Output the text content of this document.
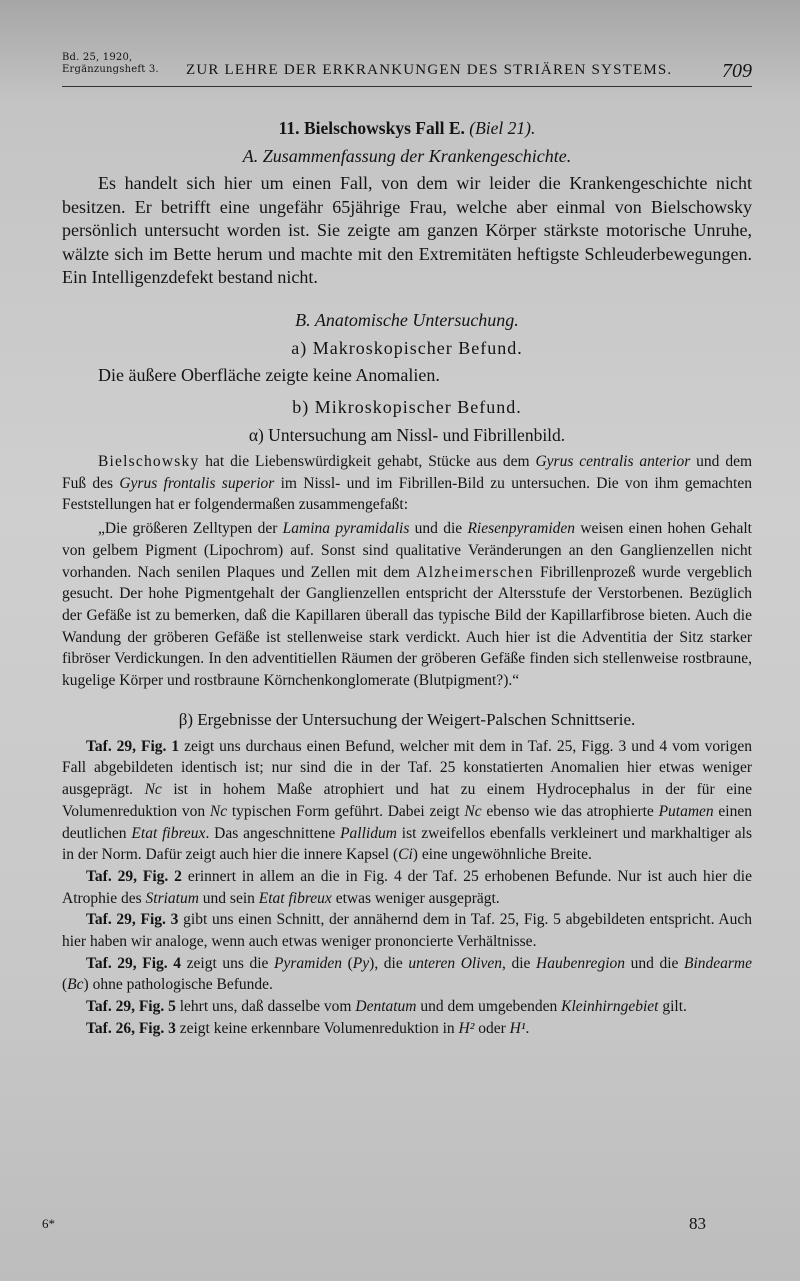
Bd. 25, 1920,
Ergänzungsheft 3. ZUR LEHRE DER ERKRANKUNGEN DES STRIÄREN SYSTEMS. 709
11. Bielschowskys Fall E. (Biel 21).
A. Zusammenfassung der Krankengeschichte.

Es handelt sich hier um einen Fall, von dem wir leider die Krankengeschichte nicht besitzen. Er betrifft eine ungefähr 65jährige Frau, welche aber einmal von Bielschowsky persönlich untersucht worden ist. Sie zeigte am ganzen Körper stärkste motorische Unruhe, wälzte sich im Bette herum und machte mit den Extremitäten heftigste Schleuderbewegungen. Ein Intelligenzdefekt bestand nicht.

B. Anatomische Untersuchung.
a) Makroskopischer Befund.

Die äußere Oberfläche zeigte keine Anomalien.

b) Mikroskopischer Befund.
α) Untersuchung am Nissl- und Fibrillenbild.

Bielschowsky hat die Liebenswürdigkeit gehabt, Stücke aus dem Gyrus centralis anterior und dem Fuß des Gyrus frontalis superior im Nissl- und im Fibrillen-Bild zu untersuchen. Die von ihm gemachten Feststellungen hat er folgendermaßen zusammengefaßt:

„Die größeren Zelltypen der Lamina pyramidalis und die Riesenpyramiden weisen einen hohen Gehalt von gelbem Pigment (Lipochrom) auf. Sonst sind qualitative Veränderungen an den Ganglienzellen nicht vorhanden. Nach senilen Plaques und Zellen mit dem Alzheimerschen Fibrillenprozeß wurde vergeblich gesucht. Der hohe Pigmentgehalt der Ganglienzellen entspricht der Altersstufe der Verstorbenen. Bezüglich der Gefäße ist zu bemerken, daß die Kapillaren überall das typische Bild der Kapillarfibrose bieten. Auch die Wandung der gröberen Gefäße ist stellenweise stark verdickt. Auch hier ist die Adventitia der Sitz starker fibröser Verdickungen. In den adventitiellen Räumen der gröberen Gefäße finden sich stellenweise rostbraune, kugelige Körper und rostbraune Körnchenkonglomerate (Blutpigment?).“

β) Ergebnisse der Untersuchung der Weigert-Palschen Schnittserie.

Taf. 29, Fig. 1 zeigt uns durchaus einen Befund, welcher mit dem in Taf. 25, Figg. 3 und 4 vom vorigen Fall abgebildeten identisch ist; nur sind die in der Taf. 25 konstatierten Anomalien hier etwas weniger ausgeprägt. Nc ist in hohem Maße atrophiert und hat zu einem Hydrocephalus in der für eine Volumenreduktion von Nc typischen Form geführt. Dabei zeigt Nc ebenso wie das atrophierte Putamen einen deutlichen Etat fibreux. Das angeschnittene Pallidum ist zweifellos ebenfalls verkleinert und markhaltiger als in der Norm. Dafür zeigt auch hier die innere Kapsel (Ci) eine ungewöhnliche Breite.

Taf. 29, Fig. 2 erinnert in allem an die in Fig. 4 der Taf. 25 erhobenen Befunde. Nur ist auch hier die Atrophie des Striatum und sein Etat fibreux etwas weniger ausgeprägt.

Taf. 29, Fig. 3 gibt uns einen Schnitt, der annähernd dem in Taf. 25, Fig. 5 abgebildeten entspricht. Auch hier haben wir analoge, wenn auch etwas weniger prononcierte Verhältnisse.

Taf. 29, Fig. 4 zeigt uns die Pyramiden (Py), die unteren Oliven, die Haubenregion und die Bindearme (Bc) ohne pathologische Befunde.

Taf. 29, Fig. 5 lehrt uns, daß dasselbe vom Dentatum und dem umgebenden Kleinhirngebiet gilt.

Taf. 26, Fig. 3 zeigt keine erkennbare Volumenreduktion in H² oder H¹.

6*	83
